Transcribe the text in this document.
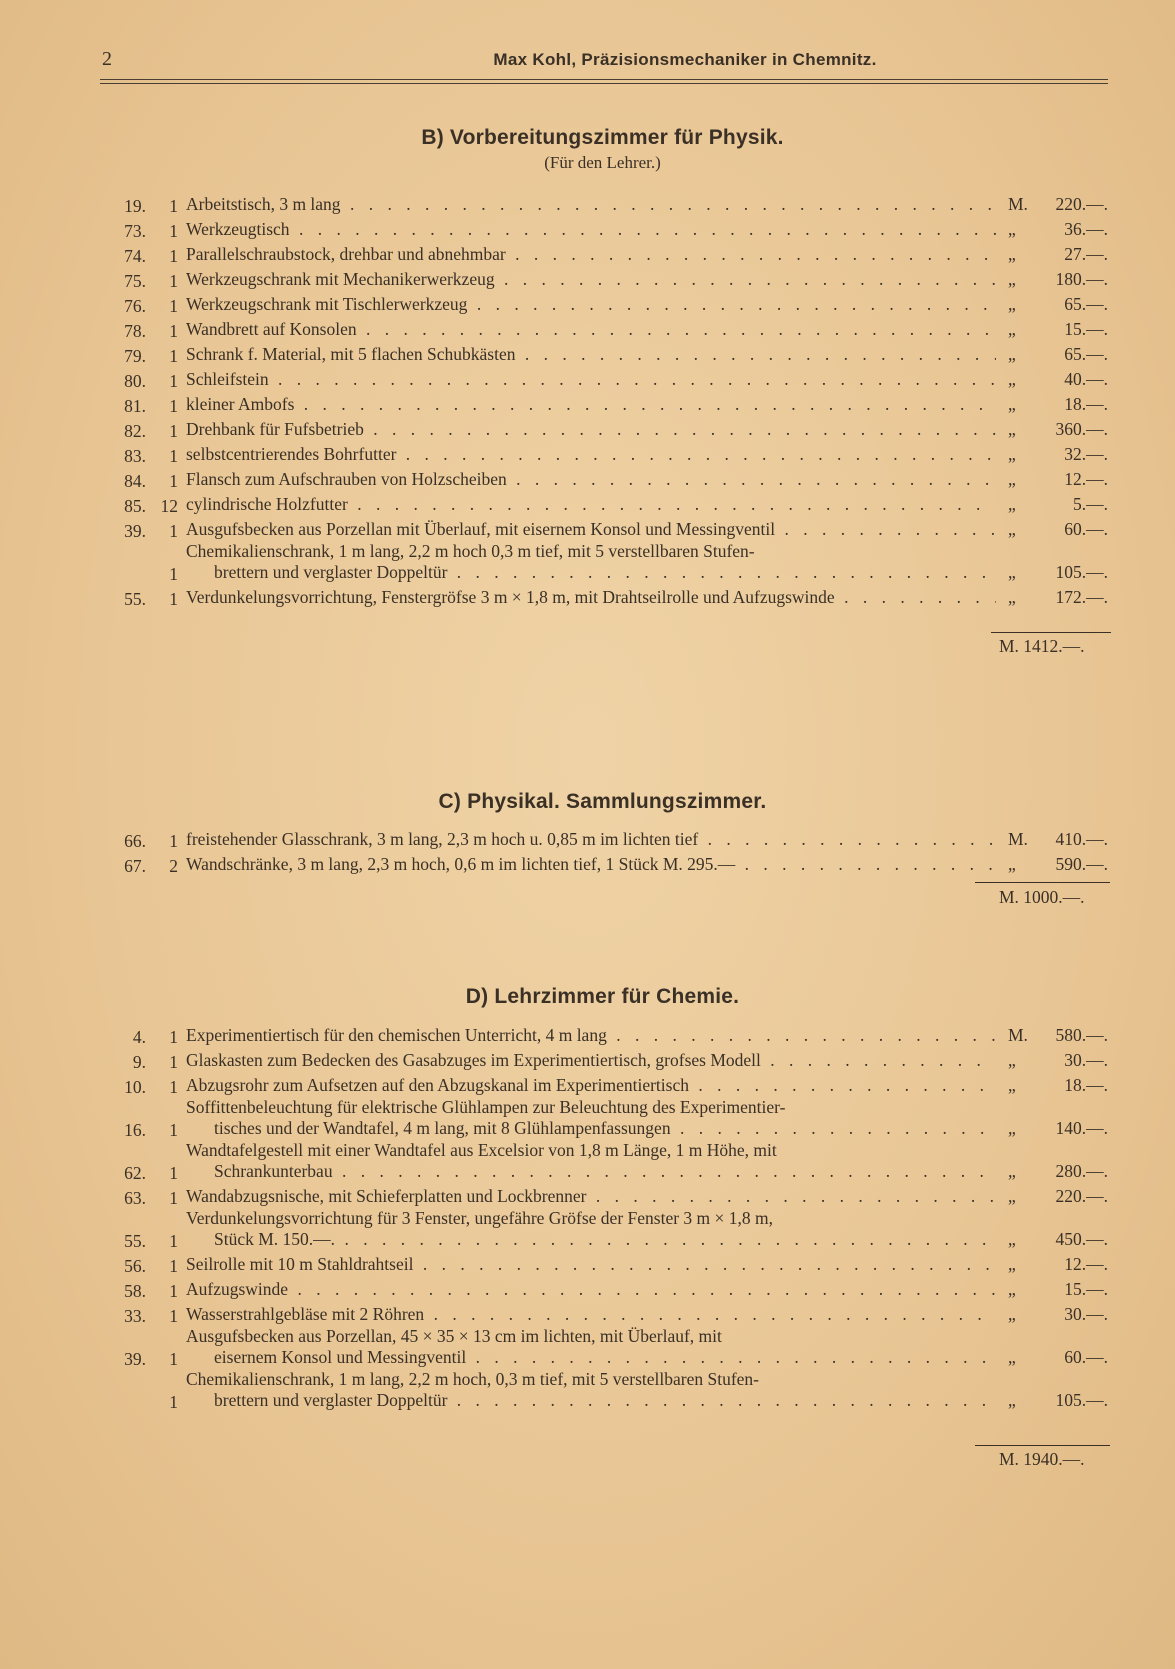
2	Max Kohl, Präzisionsmechaniker in Chemnitz.
B) Vorbereitungszimmer für Physik.
(Für den Lehrer.)
19.	1 Arbeitstisch, 3 m lang . . .	M. 220.—.
73.	1 Werkzeugtisch . . .	„	36.—.
74.	1 Parallelschraubstock, drehbar und abnehmbar . . .	„	27.—.
75.	1 Werkzeugschrank mit Mechanikerwerkzeug . . .	„	180.—.
76.	1 Werkzeugschrank mit Tischlerwerkzeug . . .	„	65.—.
78.	1 Wandbrett auf Konsolen . . .	„	15.—.
79.	1 Schrank f. Material, mit 5 flachen Schubkästen . . .	„	65.—.
80.	1 Schleifstein . . .	„	40.—.
81.	1 kleiner Ambofs . . .	„	18.—.
82.	1 Drehbank für Fufsbetrieb . . .	„	360.—.
83.	1 selbstcentrierendes Bohrfutter . . .	„	32.—.
84.	1 Flansch zum Aufschrauben von Holzscheiben . . .	„	12.—.
85. 12 cylindrische Holzfutter . . .	„	5.—.
39.	1 Ausgufsbecken aus Porzellan mit Überlauf, mit eisernem Konsol und Messingventil . . .	„	60.—.
1
Chemikalienschrank, 1 m lang, 2,2 m hoch 0,3 m tief, mit 5 verstellbaren Stufen-
brettern und verglaster Doppeltür . . .	„	105.—.
55.	1 Verdunkelungsvorrichtung, Fenstergröfse 3 m × 1,8 m, mit Drahtseilrolle und Aufzugswinde . . .	„	172.—.
M. 1412.—.
C) Physikal. Sammlungszimmer.
66.	1 freistehender Glasschrank, 3 m lang, 2,3 m hoch u. 0,85 m im lichten tief . . .	M. 410.—.
67.	2 Wandschränke, 3 m lang, 2,3 m hoch, 0,6 m im lichten tief, 1 Stück M. 295.— . . .	„	590.—.
M. 1000.—.
D) Lehrzimmer für Chemie.
4.	1 Experimentiertisch für den chemischen Unterricht, 4 m lang . . .	M. 580.—.
9.	1 Glaskasten zum Bedecken des Gasabzuges im Experimentiertisch, grofses Modell . . .	„	30.—.
10.	1 Abzugsrohr zum Aufsetzen auf den Abzugskanal im Experimentiertisch . . .	„	18.—.
16.	1
Soffittenbeleuchtung für elektrische Glühlampen zur Beleuchtung des Experimentier-
tisches und der Wandtafel, 4 m lang, mit 8 Glühlampenfassungen . . .	„	140.—.
62.	1
Wandtafelgestell mit einer Wandtafel aus Excelsior von 1,8 m Länge, 1 m Höhe, mit
Schrankunterbau . . .	„	280.—.
63.	1 Wandabzugsnische, mit Schieferplatten und Lockbrenner . . .	„	220.—.
55.	1
Verdunkelungsvorrichtung für 3 Fenster, ungefähre Gröfse der Fenster 3 m × 1,8 m,
Stück M. 150.—. . . .	„	450.—.
56.	1 Seilrolle mit 10 m Stahldrahtseil . . .	„	12.—.
58.	1 Aufzugswinde . . .	„	15.—.
33.	1 Wasserstrahlgebläse mit 2 Röhren . . .	„	30.—.
39.	1
Ausgufsbecken aus Porzellan, 45 × 35 × 13 cm im lichten, mit Überlauf, mit
eisernem Konsol und Messingventil . . .	„	60.—.
1
Chemikalienschrank, 1 m lang, 2,2 m hoch, 0,3 m tief, mit 5 verstellbaren Stufen-
brettern und verglaster Doppeltür . . .	„	105.—.
M. 1940.—.
